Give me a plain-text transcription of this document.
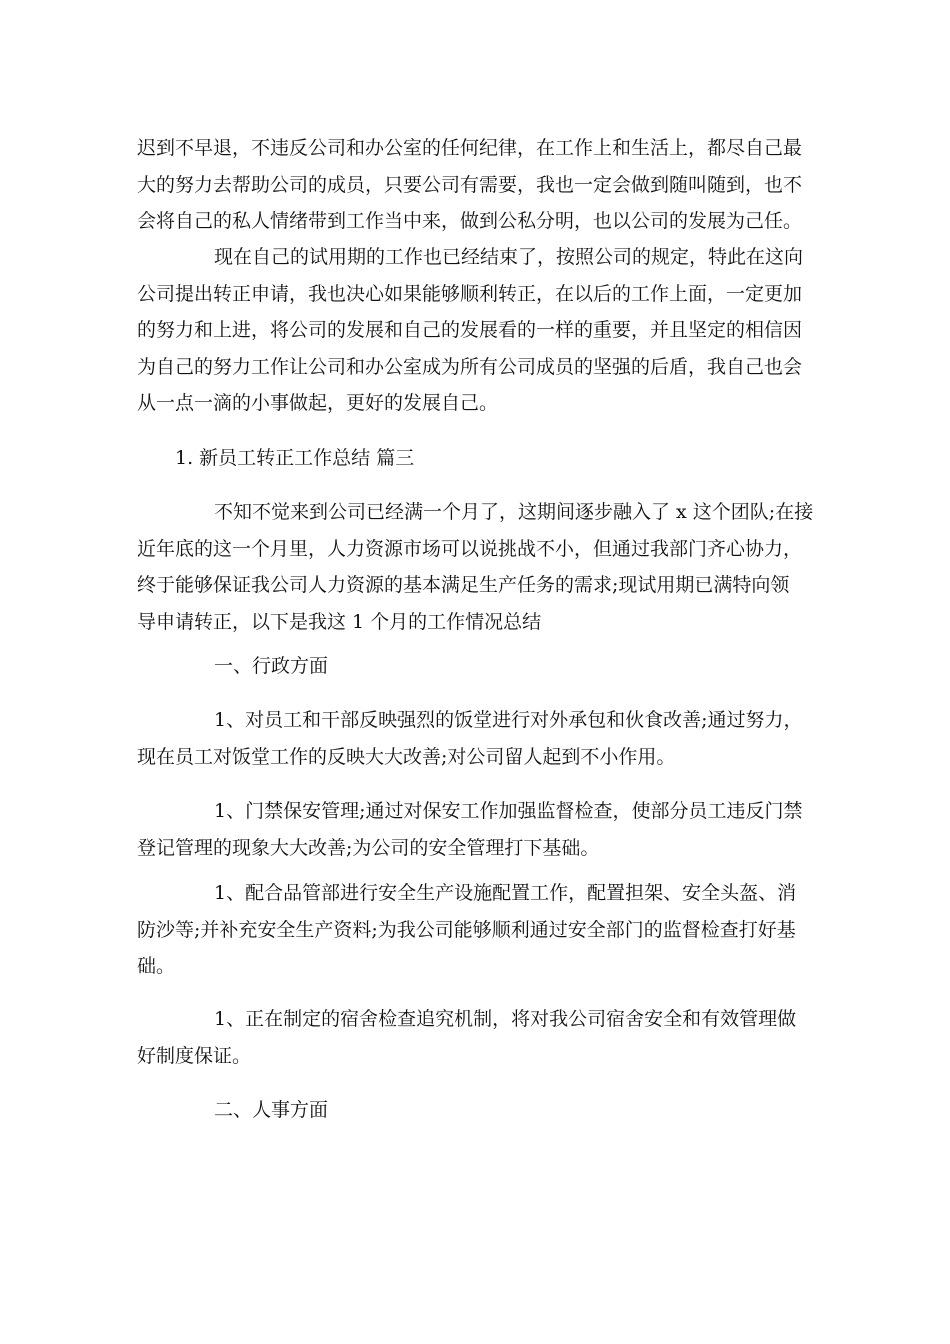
迟到不早退，不违反公司和办公室的任何纪律，在工作上和生活上，都尽自己最
大的努力去帮助公司的成员，只要公司有需要，我也一定会做到随叫随到，也不
会将自己的私人情绪带到工作当中来，做到公私分明，也以公司的发展为己任。
现在自己的试用期的工作也已经结束了，按照公司的规定，特此在这向
公司提出转正申请，我也决心如果能够顺利转正，在以后的工作上面，一定更加
的努力和上进，将公司的发展和自己的发展看的一样的重要，并且坚定的相信因
为自己的努力工作让公司和办公室成为所有公司成员的坚强的后盾，我自己也会
从一点一滴的小事做起，更好的发展自己。
1. 新员工转正工作总结 篇三
不知不觉来到公司已经满一个月了，这期间逐步融入了 x 这个团队;在接
近年底的这一个月里，人力资源市场可以说挑战不小，但通过我部门齐心协力，
终于能够保证我公司人力资源的基本满足生产任务的需求;现试用期已满特向领
导申请转正，以下是我这 1 个月的工作情况总结
一、行政方面
1、对员工和干部反映强烈的饭堂进行对外承包和伙食改善;通过努力，
现在员工对饭堂工作的反映大大改善;对公司留人起到不小作用。
1、门禁保安管理;通过对保安工作加强监督检查，使部分员工违反门禁
登记管理的现象大大改善;为公司的安全管理打下基础。
1、配合品管部进行安全生产设施配置工作，配置担架、安全头盔、消
防沙等;并补充安全生产资料;为我公司能够顺利通过安全部门的监督检查打好基
础。
1、正在制定的宿舍检查追究机制，将对我公司宿舍安全和有效管理做
好制度保证。
二、人事方面
